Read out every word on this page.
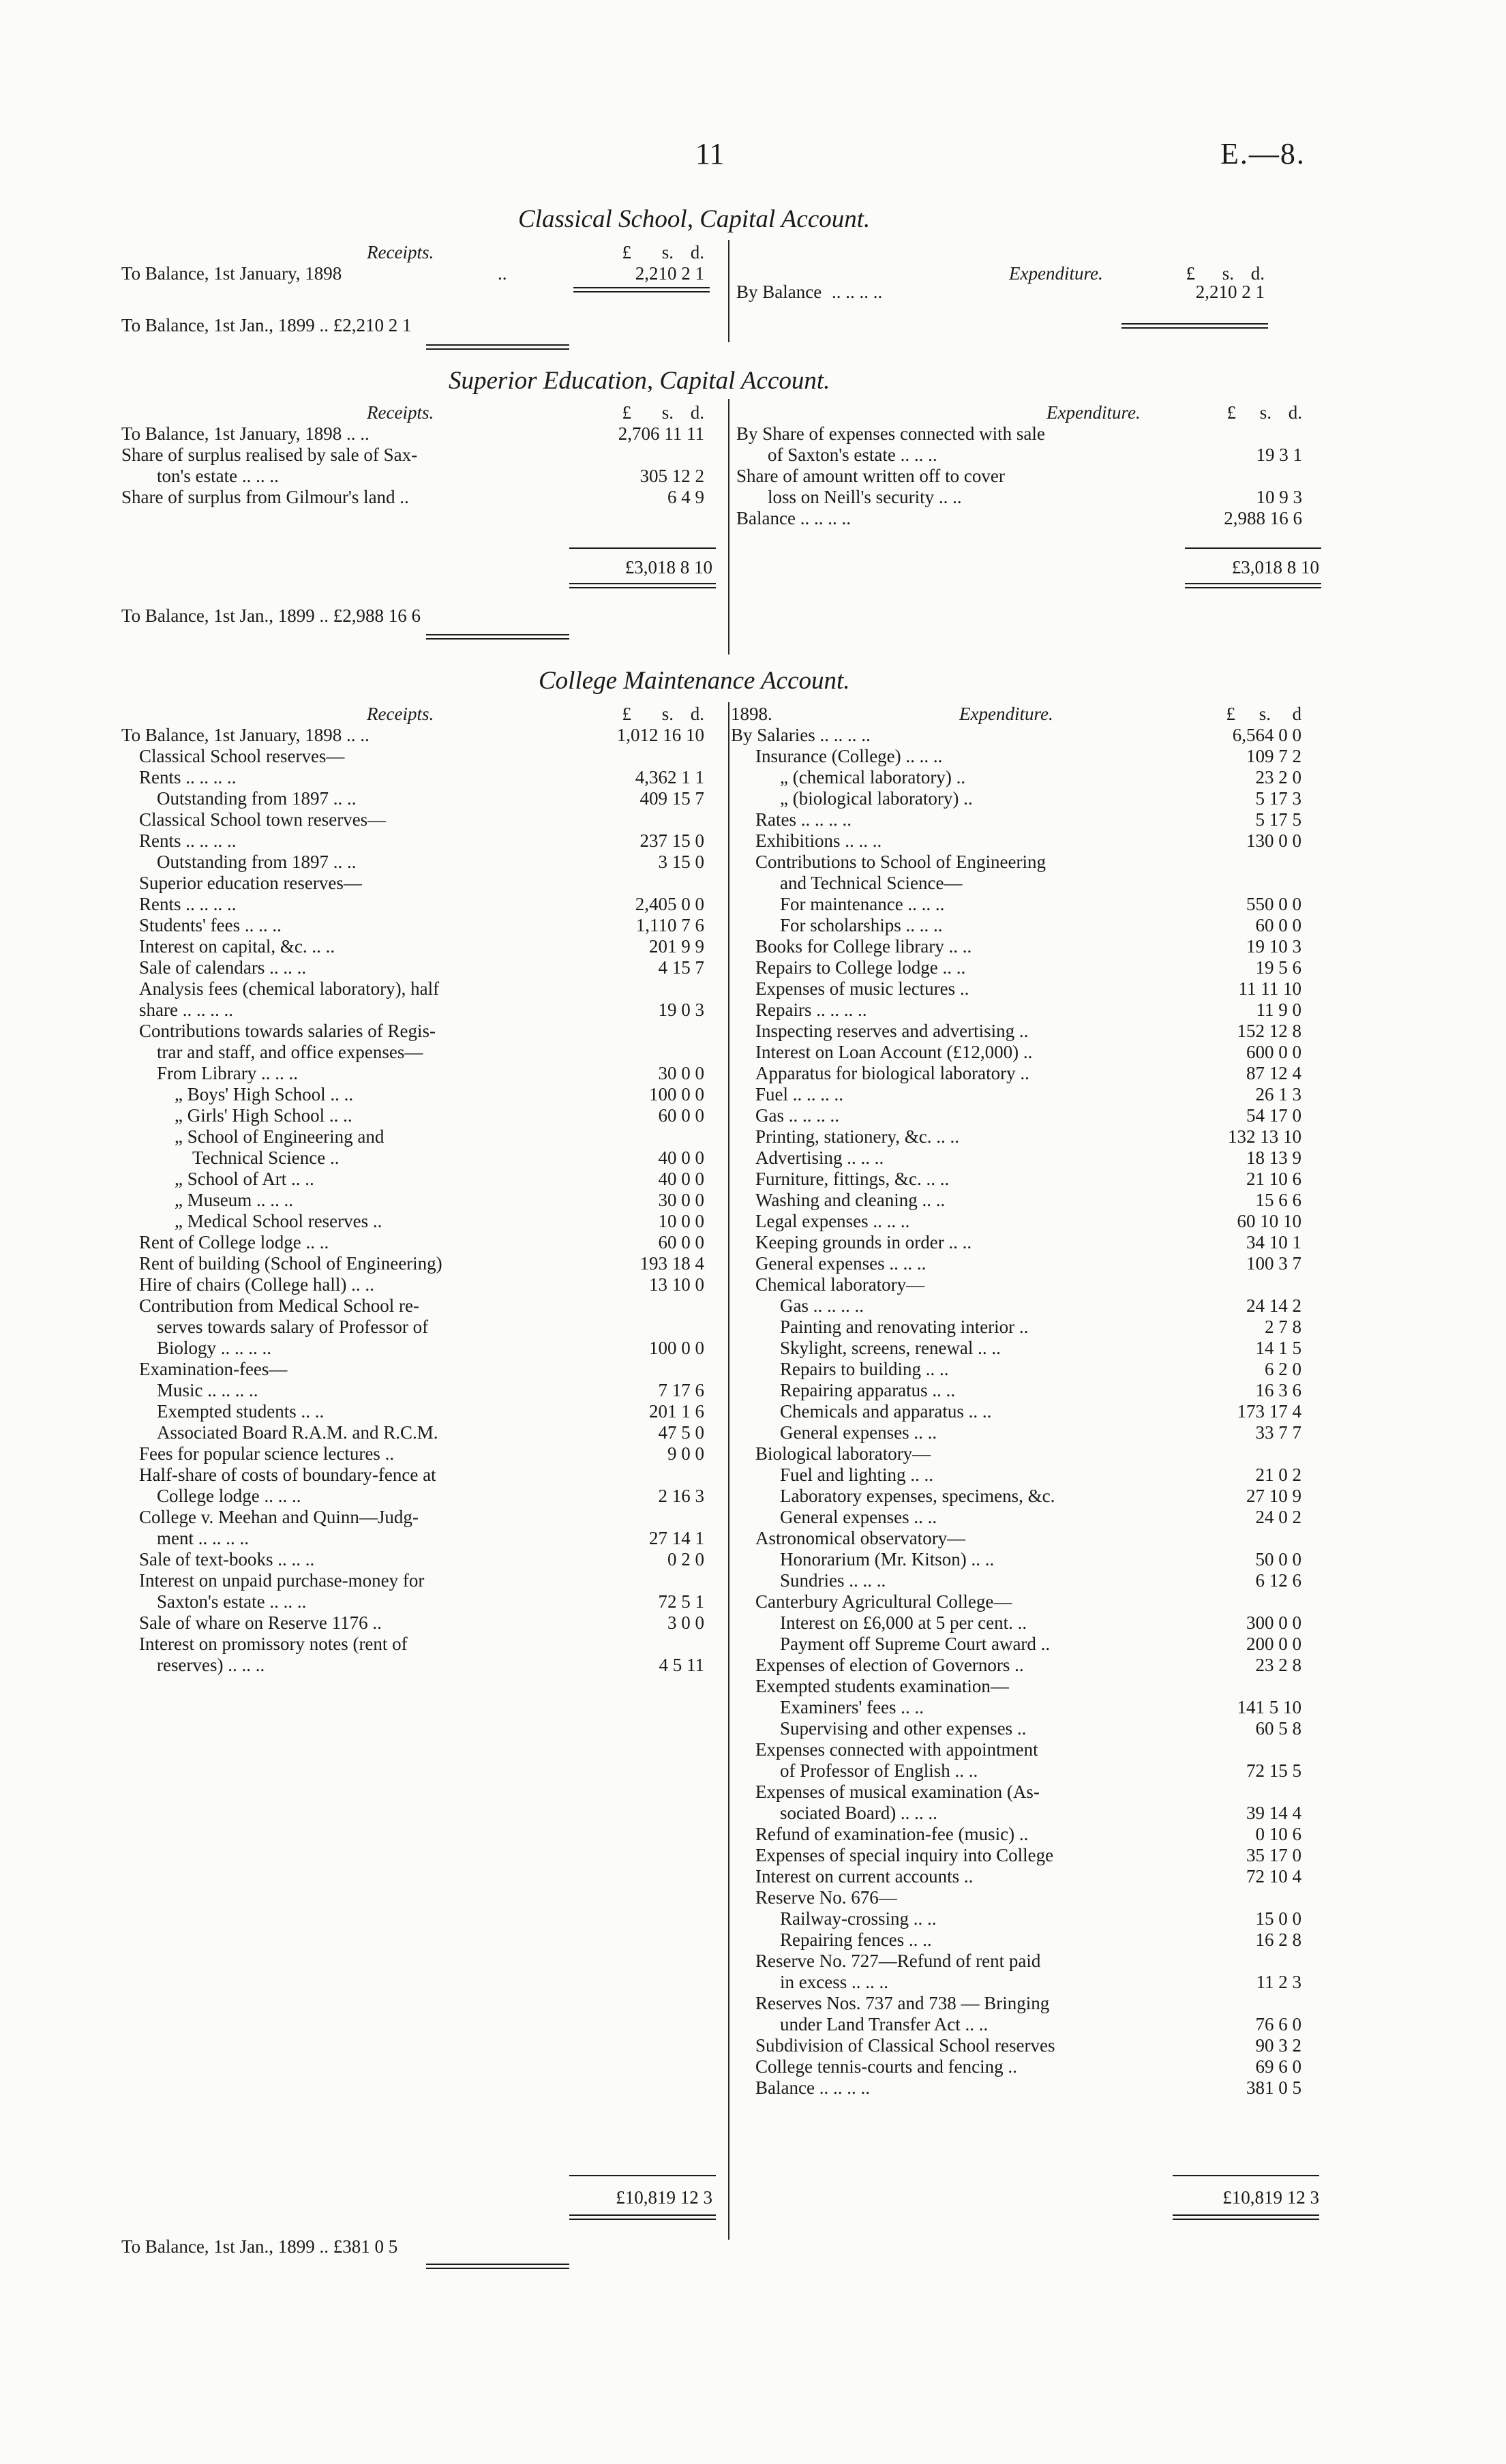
11	E.—8.
Classical School, Capital Account.
Receipts.	£	s. d.
To Balance, 1st January, 1898	..	2,210 2 1
To Balance, 1st Jan., 1899 .. £2,210 2 1
Expenditure.	£	s. d.
By Balance .. .. .. ..	2,210 2 1
Superior Education, Capital Account.
Receipts.	£	s. d.
To Balance, 1st January, 1898 .. ..	2,706 11 11
Share of surplus realised by sale of Sax-
ton's estate .. .. ..	305 12 2
Share of surplus from Gilmour's land ..	6 4 9
£3,018 8 10
To Balance, 1st Jan., 1899 .. £2,988 16 6
Expenditure.	£	s. d.
By Share of expenses connected with sale
of Saxton's estate .. .. ..	19 3 1
Share of amount written off to cover
loss on Neill's security .. ..	10 9 3
Balance .. .. .. ..	2,988 16 6
£3,018 8 10
College Maintenance Account.
Receipts.	£	s. d.
To Balance, 1st January, 1898 .. ..	1,012 16 10
Classical School reserves—
Rents .. .. .. ..	4,362 1 1
Outstanding from 1897 .. ..	409 15 7
Classical School town reserves—
Rents .. .. .. ..	237 15 0
Outstanding from 1897 .. ..	3 15 0
Superior education reserves—
Rents .. .. .. ..	2,405 0 0
Students' fees .. .. ..	1,110 7 6
Interest on capital, &c. .. ..	201 9 9
Sale of calendars .. .. ..	4 15 7
Analysis fees (chemical laboratory), half
share .. .. .. ..	19 0 3
Contributions towards salaries of Regis-
trar and staff, and office expenses—
From Library .. .. ..	30 0 0
„ Boys' High School .. ..	100 0 0
„ Girls' High School .. ..	60 0 0
„ School of Engineering and
Technical Science ..	40 0 0
„ School of Art .. ..	40 0 0
„ Museum .. .. ..	30 0 0
„ Medical School reserves ..	10 0 0
Rent of College lodge .. ..	60 0 0
Rent of building (School of Engineering)	193 18 4
Hire of chairs (College hall) .. ..	13 10 0
Contribution from Medical School re-
serves towards salary of Professor of
Biology .. .. .. ..	100 0 0
Examination-fees—
Music .. .. .. ..	7 17 6
Exempted students .. ..	201 1 6
Associated Board R.A.M. and R.C.M.	47 5 0
Fees for popular science lectures ..	9 0 0
Half-share of costs of boundary-fence at
College lodge .. .. ..	2 16 3
College v. Meehan and Quinn—Judg-
ment .. .. .. ..	27 14 1
Sale of text-books .. .. ..	0 2 0
Interest on unpaid purchase-money for
Saxton's estate .. .. ..	72 5 1
Sale of whare on Reserve 1176 ..	3 0 0
Interest on promissory notes (rent of
reserves) .. .. ..	4 5 11
1898.	Expenditure.	£	s.	d
By Salaries .. .. .. ..	6,564 0 0
Insurance (College) .. .. ..	109 7 2
„ (chemical laboratory) ..	23 2 0
„ (biological laboratory) ..	5 17 3
Rates .. .. .. ..	5 17 5
Exhibitions .. .. ..	130 0 0
Contributions to School of Engineering
and Technical Science—
For maintenance .. .. ..	550 0 0
For scholarships .. .. ..	60 0 0
Books for College library .. ..	19 10 3
Repairs to College lodge .. ..	19 5 6
Expenses of music lectures ..	11 11 10
Repairs .. .. .. ..	11 9 0
Inspecting reserves and advertising ..	152 12 8
Interest on Loan Account (£12,000) ..	600 0 0
Apparatus for biological laboratory ..	87 12 4
Fuel .. .. .. ..	26 1 3
Gas .. .. .. ..	54 17 0
Printing, stationery, &c. .. ..	132 13 10
Advertising .. .. ..	18 13 9
Furniture, fittings, &c. .. ..	21 10 6
Washing and cleaning .. ..	15 6 6
Legal expenses .. .. ..	60 10 10
Keeping grounds in order .. ..	34 10 1
General expenses .. .. ..	100 3 7
Chemical laboratory—
Gas .. .. .. ..	24 14 2
Painting and renovating interior ..	2 7 8
Skylight, screens, renewal .. ..	14 1 5
Repairs to building .. ..	6 2 0
Repairing apparatus .. ..	16 3 6
Chemicals and apparatus .. ..	173 17 4
General expenses .. ..	33 7 7
Biological laboratory—
Fuel and lighting .. ..	21 0 2
Laboratory expenses, specimens, &c.	27 10 9
General expenses .. ..	24 0 2
Astronomical observatory—
Honorarium (Mr. Kitson) .. ..	50 0 0
Sundries .. .. ..	6 12 6
Canterbury Agricultural College—
Interest on £6,000 at 5 per cent. ..	300 0 0
Payment off Supreme Court award ..	200 0 0
Expenses of election of Governors ..	23 2 8
Exempted students examination—
Examiners' fees .. ..	141 5 10
Supervising and other expenses ..	60 5 8
Expenses connected with appointment
of Professor of English .. ..	72 15 5
Expenses of musical examination (As-
sociated Board) .. .. ..	39 14 4
Refund of examination-fee (music) ..	0 10 6
Expenses of special inquiry into College	35 17 0
Interest on current accounts ..	72 10 4
Reserve No. 676—
Railway-crossing .. ..	15 0 0
Repairing fences .. ..	16 2 8
Reserve No. 727—Refund of rent paid
in excess .. .. ..	11 2 3
Reserves Nos. 737 and 738 — Bringing
under Land Transfer Act .. ..	76 6 0
Subdivision of Classical School reserves	90 3 2
College tennis-courts and fencing ..	69 6 0
Balance .. .. .. ..	381 0 5
£10,819 12 3	£10,819 12 3
To Balance, 1st Jan., 1899 .. £381 0 5
